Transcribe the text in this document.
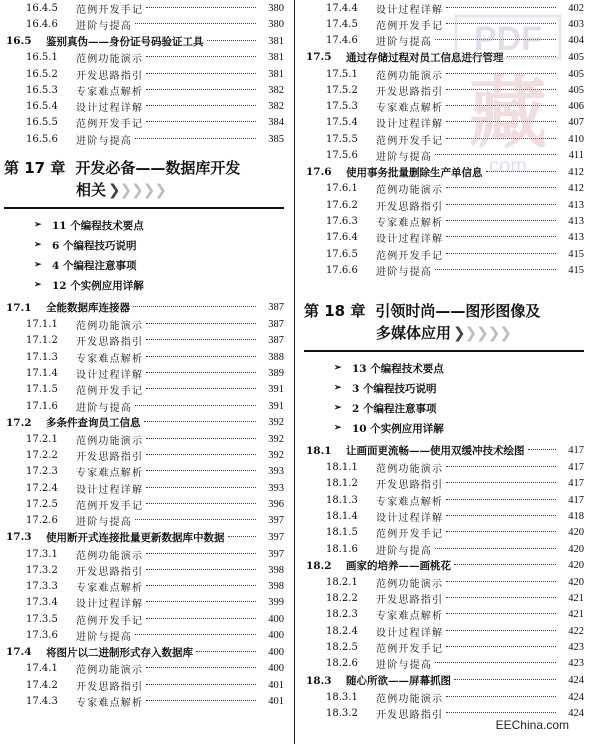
16.4.5	范例开发手记	380
16.4.6	进阶与提高	380
16.5	鉴别真伪——身份证号码验证工具	381
16.5.1	范例功能演示	381
16.5.2	开发思路指引	381
16.5.3	专家难点解析	382
16.5.4	设计过程详解	382
16.5.5	范例开发手记	384
16.5.6	进阶与提高	385
第 17 章 开发必备——数据库开发
相关 ❯❯❯❯❯
➢ 11 个编程技术要点
➢ 6 个编程技巧说明
➢ 4 个编程注意事项
➢ 12 个实例应用详解
17.1	全能数据库连接器	387
17.1.1	范例功能演示	387
17.1.2	开发思路指引	387
17.1.3	专家难点解析	388
17.1.4	设计过程详解	389
17.1.5	范例开发手记	391
17.1.6	进阶与提高	391
17.2	多条件查询员工信息	392
17.2.1	范例功能演示	392
17.2.2	开发思路指引	392
17.2.3	专家难点解析	393
17.2.4	设计过程详解	393
17.2.5	范例开发手记	396
17.2.6	进阶与提高	397
17.3	使用断开式连接批量更新数据库中数据	397
17.3.1	范例功能演示	397
17.3.2	开发思路指引	398
17.3.3	专家难点解析	398
17.3.4	设计过程详解	399
17.3.5	范例开发手记	400
17.3.6	进阶与提高	400
17.4	将图片以二进制形式存入数据库	400
17.4.1	范例功能演示	400
17.4.2	开发思路指引	401
17.4.3	专家难点解析	401
17.4.4	设计过程详解	402
17.4.5	范例开发手记	403
17.4.6	进阶与提高	404
17.5	通过存储过程对员工信息进行管理	405
17.5.1	范例功能演示	405
17.5.2	开发思路指引	405
17.5.3	专家难点解析	406
17.5.4	设计过程详解	407
17.5.5	范例开发手记	410
17.5.6	进阶与提高	411
17.6	使用事务批量删除生产单信息	412
17.6.1	范例功能演示	412
17.6.2	开发思路指引	413
17.6.3	专家难点解析	413
17.6.4	设计过程详解	413
17.6.5	范例开发手记	415
17.6.6	进阶与提高	415
第 18 章 引领时尚——图形图像及
多媒体应用 ❯❯❯❯❯
➢ 13 个编程技术要点
➢ 3 个编程技巧说明
➢ 2 个编程注意事项
➢ 10 个实例应用详解
18.1	让画面更流畅——使用双缓冲技术绘图	417
18.1.1	范例功能演示	417
18.1.2	开发思路指引	417
18.1.3	专家难点解析	417
18.1.4	设计过程详解	418
18.1.5	范例开发手记	420
18.1.6	进阶与提高	420
18.2	画家的培养——画桃花	420
18.2.1	范例功能演示	420
18.2.2	开发思路指引	421
18.2.3	专家难点解析	421
18.2.4	设计过程详解	422
18.2.5	范例开发手记	423
18.2.6	进阶与提高	423
18.3	随心所欲——屏幕抓图	424
18.3.1	范例功能演示	424
18.3.2	开发思路指引	424
PDF
藏
com
EEChina.com
